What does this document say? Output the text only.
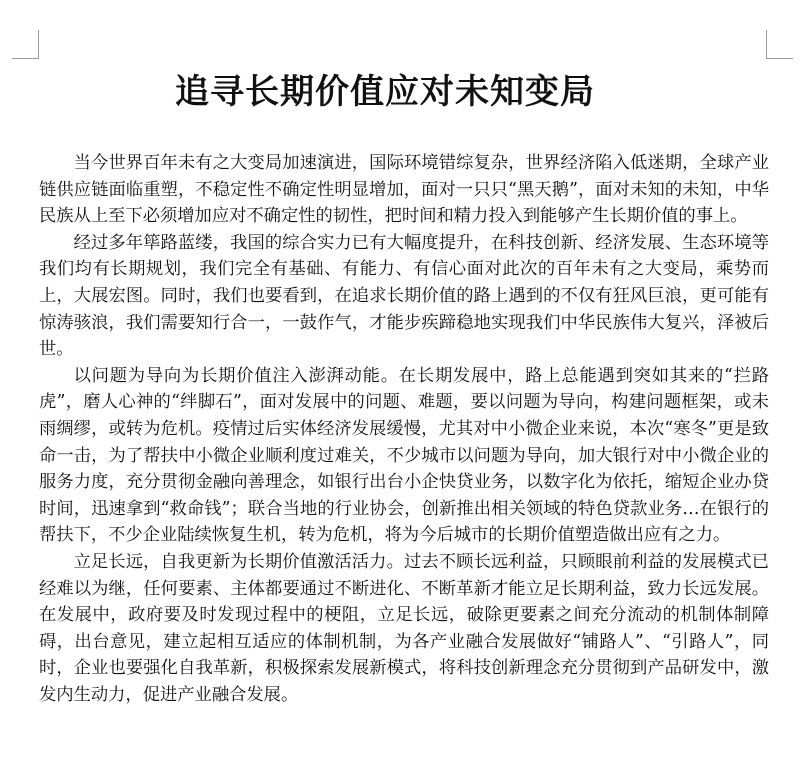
追寻长期价值应对未知变局

当今世界百年未有之大变局加速演进，国际环境错综复杂，世界经济陷入低迷期，全球产业链供应链面临重塑，不稳定性不确定性明显增加，面对一只只“黑天鹅”，面对未知的未知，中华民族从上至下必须增加应对不确定性的韧性，把时间和精力投入到能够产生长期价值的事上。

经过多年筚路蓝缕，我国的综合实力已有大幅度提升，在科技创新、经济发展、生态环境等我们均有长期规划，我们完全有基础、有能力、有信心面对此次的百年未有之大变局，乘势而上，大展宏图。同时，我们也要看到，在追求长期价值的路上遇到的不仅有狂风巨浪，更可能有惊涛骇浪，我们需要知行合一，一鼓作气，才能步疾蹄稳地实现我们中华民族伟大复兴，泽被后世。

以问题为导向为长期价值注入澎湃动能。在长期发展中，路上总能遇到突如其来的“拦路虎”，磨人心神的“绊脚石”，面对发展中的问题、难题，要以问题为导向，构建问题框架，或未雨绸缪，或转为危机。疫情过后实体经济发展缓慢，尤其对中小微企业来说，本次“寒冬”更是致命一击，为了帮扶中小微企业顺利度过难关，不少城市以问题为导向，加大银行对中小微企业的服务力度，充分贯彻金融向善理念，如银行出台小企快贷业务，以数字化为依托，缩短企业办贷时间，迅速拿到“救命钱”；联合当地的行业协会，创新推出相关领域的特色贷款业务…在银行的帮扶下，不少企业陆续恢复生机，转为危机，将为今后城市的长期价值塑造做出应有之力。

立足长远，自我更新为长期价值激活活力。过去不顾长远利益，只顾眼前利益的发展模式已经难以为继，任何要素、主体都要通过不断进化、不断革新才能立足长期利益，致力长远发展。在发展中，政府要及时发现过程中的梗阻，立足长远，破除更要素之间充分流动的机制体制障碍，出台意见，建立起相互适应的体制机制，为各产业融合发展做好“铺路人”、“引路人”，同时，企业也要强化自我革新，积极探索发展新模式，将科技创新理念充分贯彻到产品研发中，激发内生动力，促进产业融合发展。
